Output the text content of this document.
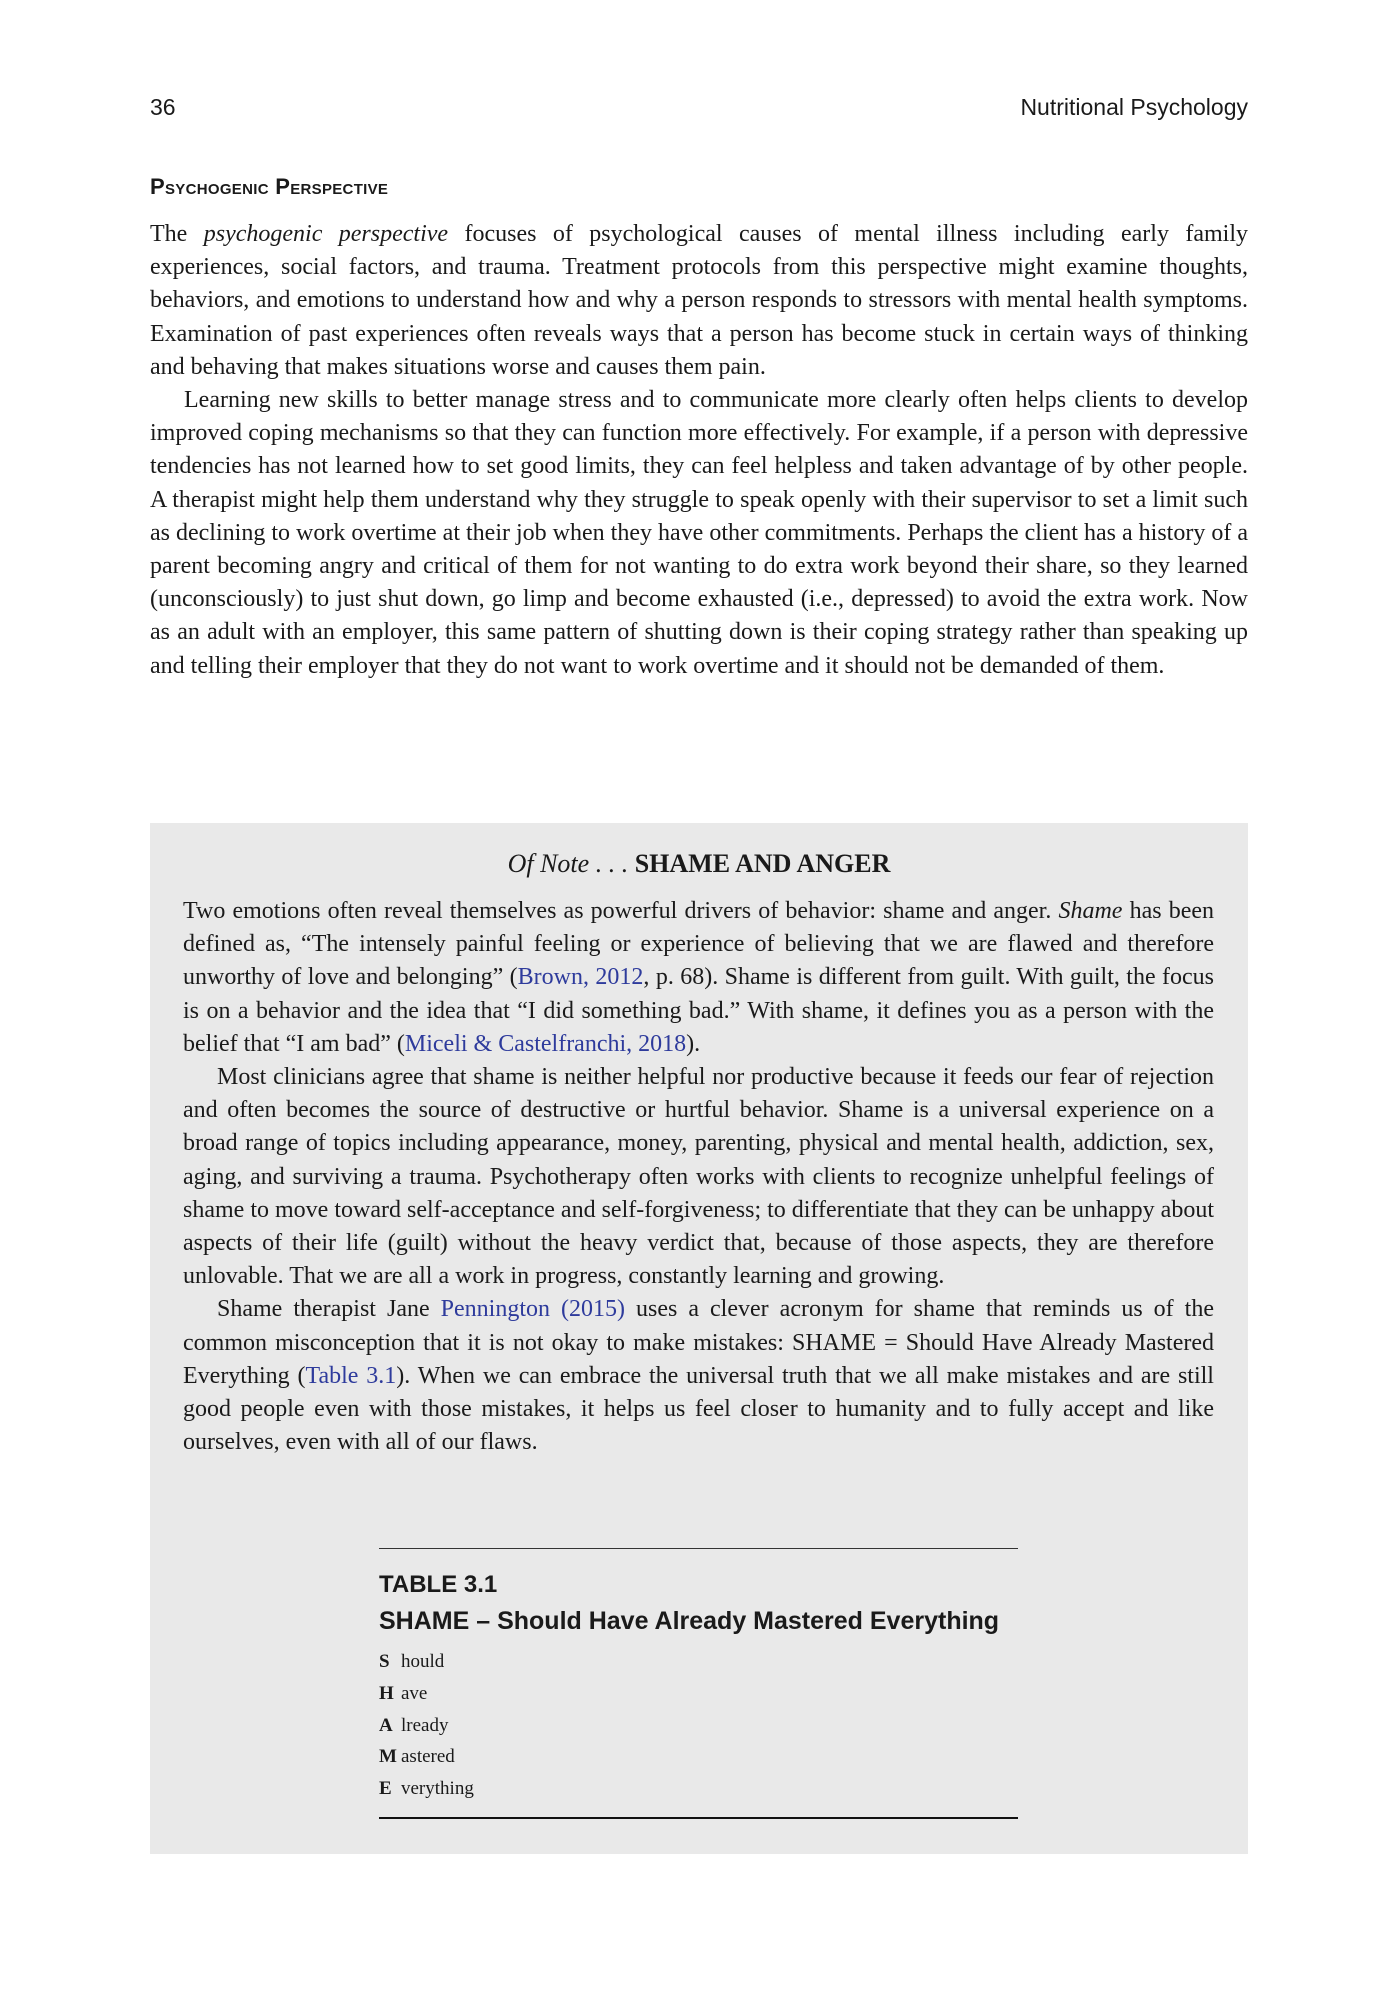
36	Nutritional Psychology
Psychogenic Perspective

The psychogenic perspective focuses of psychological causes of mental illness including early family experiences, social factors, and trauma. Treatment protocols from this perspective might examine thoughts, behaviors, and emotions to understand how and why a person responds to stressors with mental health symptoms. Examination of past experiences often reveals ways that a person has become stuck in certain ways of thinking and behaving that makes situations worse and causes them pain.

Learning new skills to better manage stress and to communicate more clearly often helps clients to develop improved coping mechanisms so that they can function more effectively. For example, if a person with depressive tendencies has not learned how to set good limits, they can feel helpless and taken advantage of by other people. A therapist might help them understand why they struggle to speak openly with their supervisor to set a limit such as declining to work overtime at their job when they have other commitments. Perhaps the client has a history of a parent becoming angry and critical of them for not wanting to do extra work beyond their share, so they learned (unconsciously) to just shut down, go limp and become exhausted (i.e., depressed) to avoid the extra work. Now as an adult with an employer, this same pattern of shutting down is their coping strategy rather than speaking up and telling their employer that they do not want to work overtime and it should not be demanded of them.

Of Note . . . SHAME AND ANGER

Two emotions often reveal themselves as powerful drivers of behavior: shame and anger. Shame has been defined as, “The intensely painful feeling or experience of believing that we are flawed and therefore unworthy of love and belonging” (Brown, 2012, p. 68). Shame is different from guilt. With guilt, the focus is on a behavior and the idea that “I did something bad.” With shame, it defines you as a person with the belief that “I am bad” (Miceli & Castelfranchi, 2018).

Most clinicians agree that shame is neither helpful nor productive because it feeds our fear of rejection and often becomes the source of destructive or hurtful behavior. Shame is a universal experience on a broad range of topics including appearance, money, parenting, physical and mental health, addiction, sex, aging, and surviving a trauma. Psychotherapy often works with clients to recognize unhelpful feelings of shame to move toward self-acceptance and self-forgiveness; to differentiate that they can be unhappy about aspects of their life (guilt) without the heavy verdict that, because of those aspects, they are therefore unlovable. That we are all a work in progress, constantly learning and growing.

Shame therapist Jane Pennington (2015) uses a clever acronym for shame that reminds us of the common misconception that it is not okay to make mistakes: SHAME = Should Have Already Mastered Everything (Table 3.1). When we can embrace the universal truth that we all make mistakes and are still good people even with those mistakes, it helps us feel closer to humanity and to fully accept and like ourselves, even with all of our flaws.

TABLE 3.1
SHAME – Should Have Already Mastered Everything
S hould
H ave
A lready
M astered
E verything
